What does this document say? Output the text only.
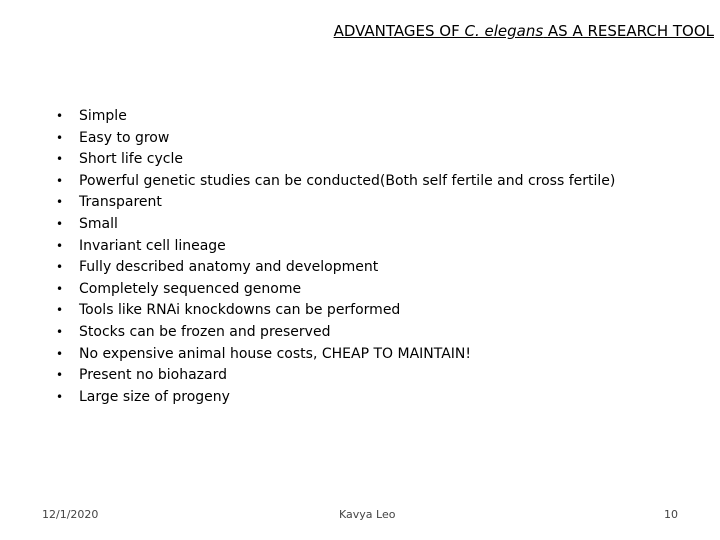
ADVANTAGES OF C. elegans AS A RESEARCH TOOL
• Simple
• Easy to grow
• Short life cycle
• Powerful genetic studies can be conducted(Both self fertile and cross fertile)
• Transparent
• Small
• Invariant cell lineage
• Fully described anatomy and development
• Completely sequenced genome
• Tools like RNAi knockdowns can be performed
• Stocks can be frozen and preserved
• No expensive animal house costs, CHEAP TO MAINTAIN!
• Present no biohazard
• Large size of progeny
12/1/2020	Kavya Leo	10
